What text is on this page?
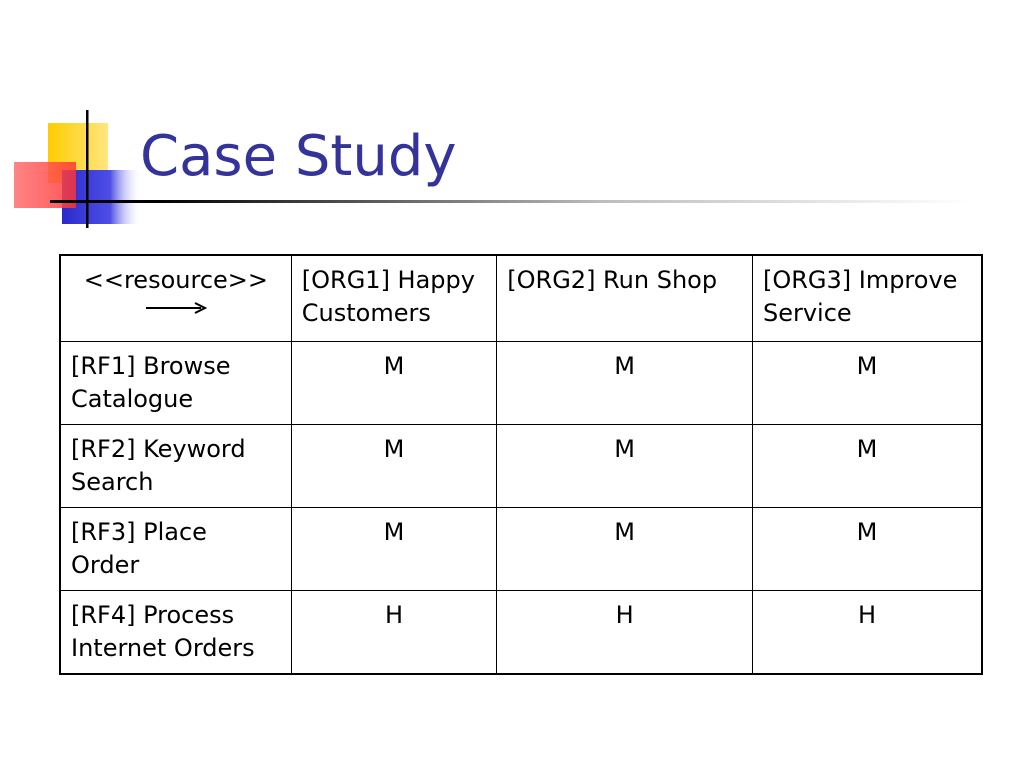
Case Study
<<resource>>	[ORG1] Happy Customers	[ORG2] Run Shop	[ORG3] Improve Service
[RF1] Browse Catalogue	M	M	M
[RF2] Keyword Search	M	M	M
[RF3] Place Order	M	M	M
[RF4] Process Internet Orders	H	H	H
